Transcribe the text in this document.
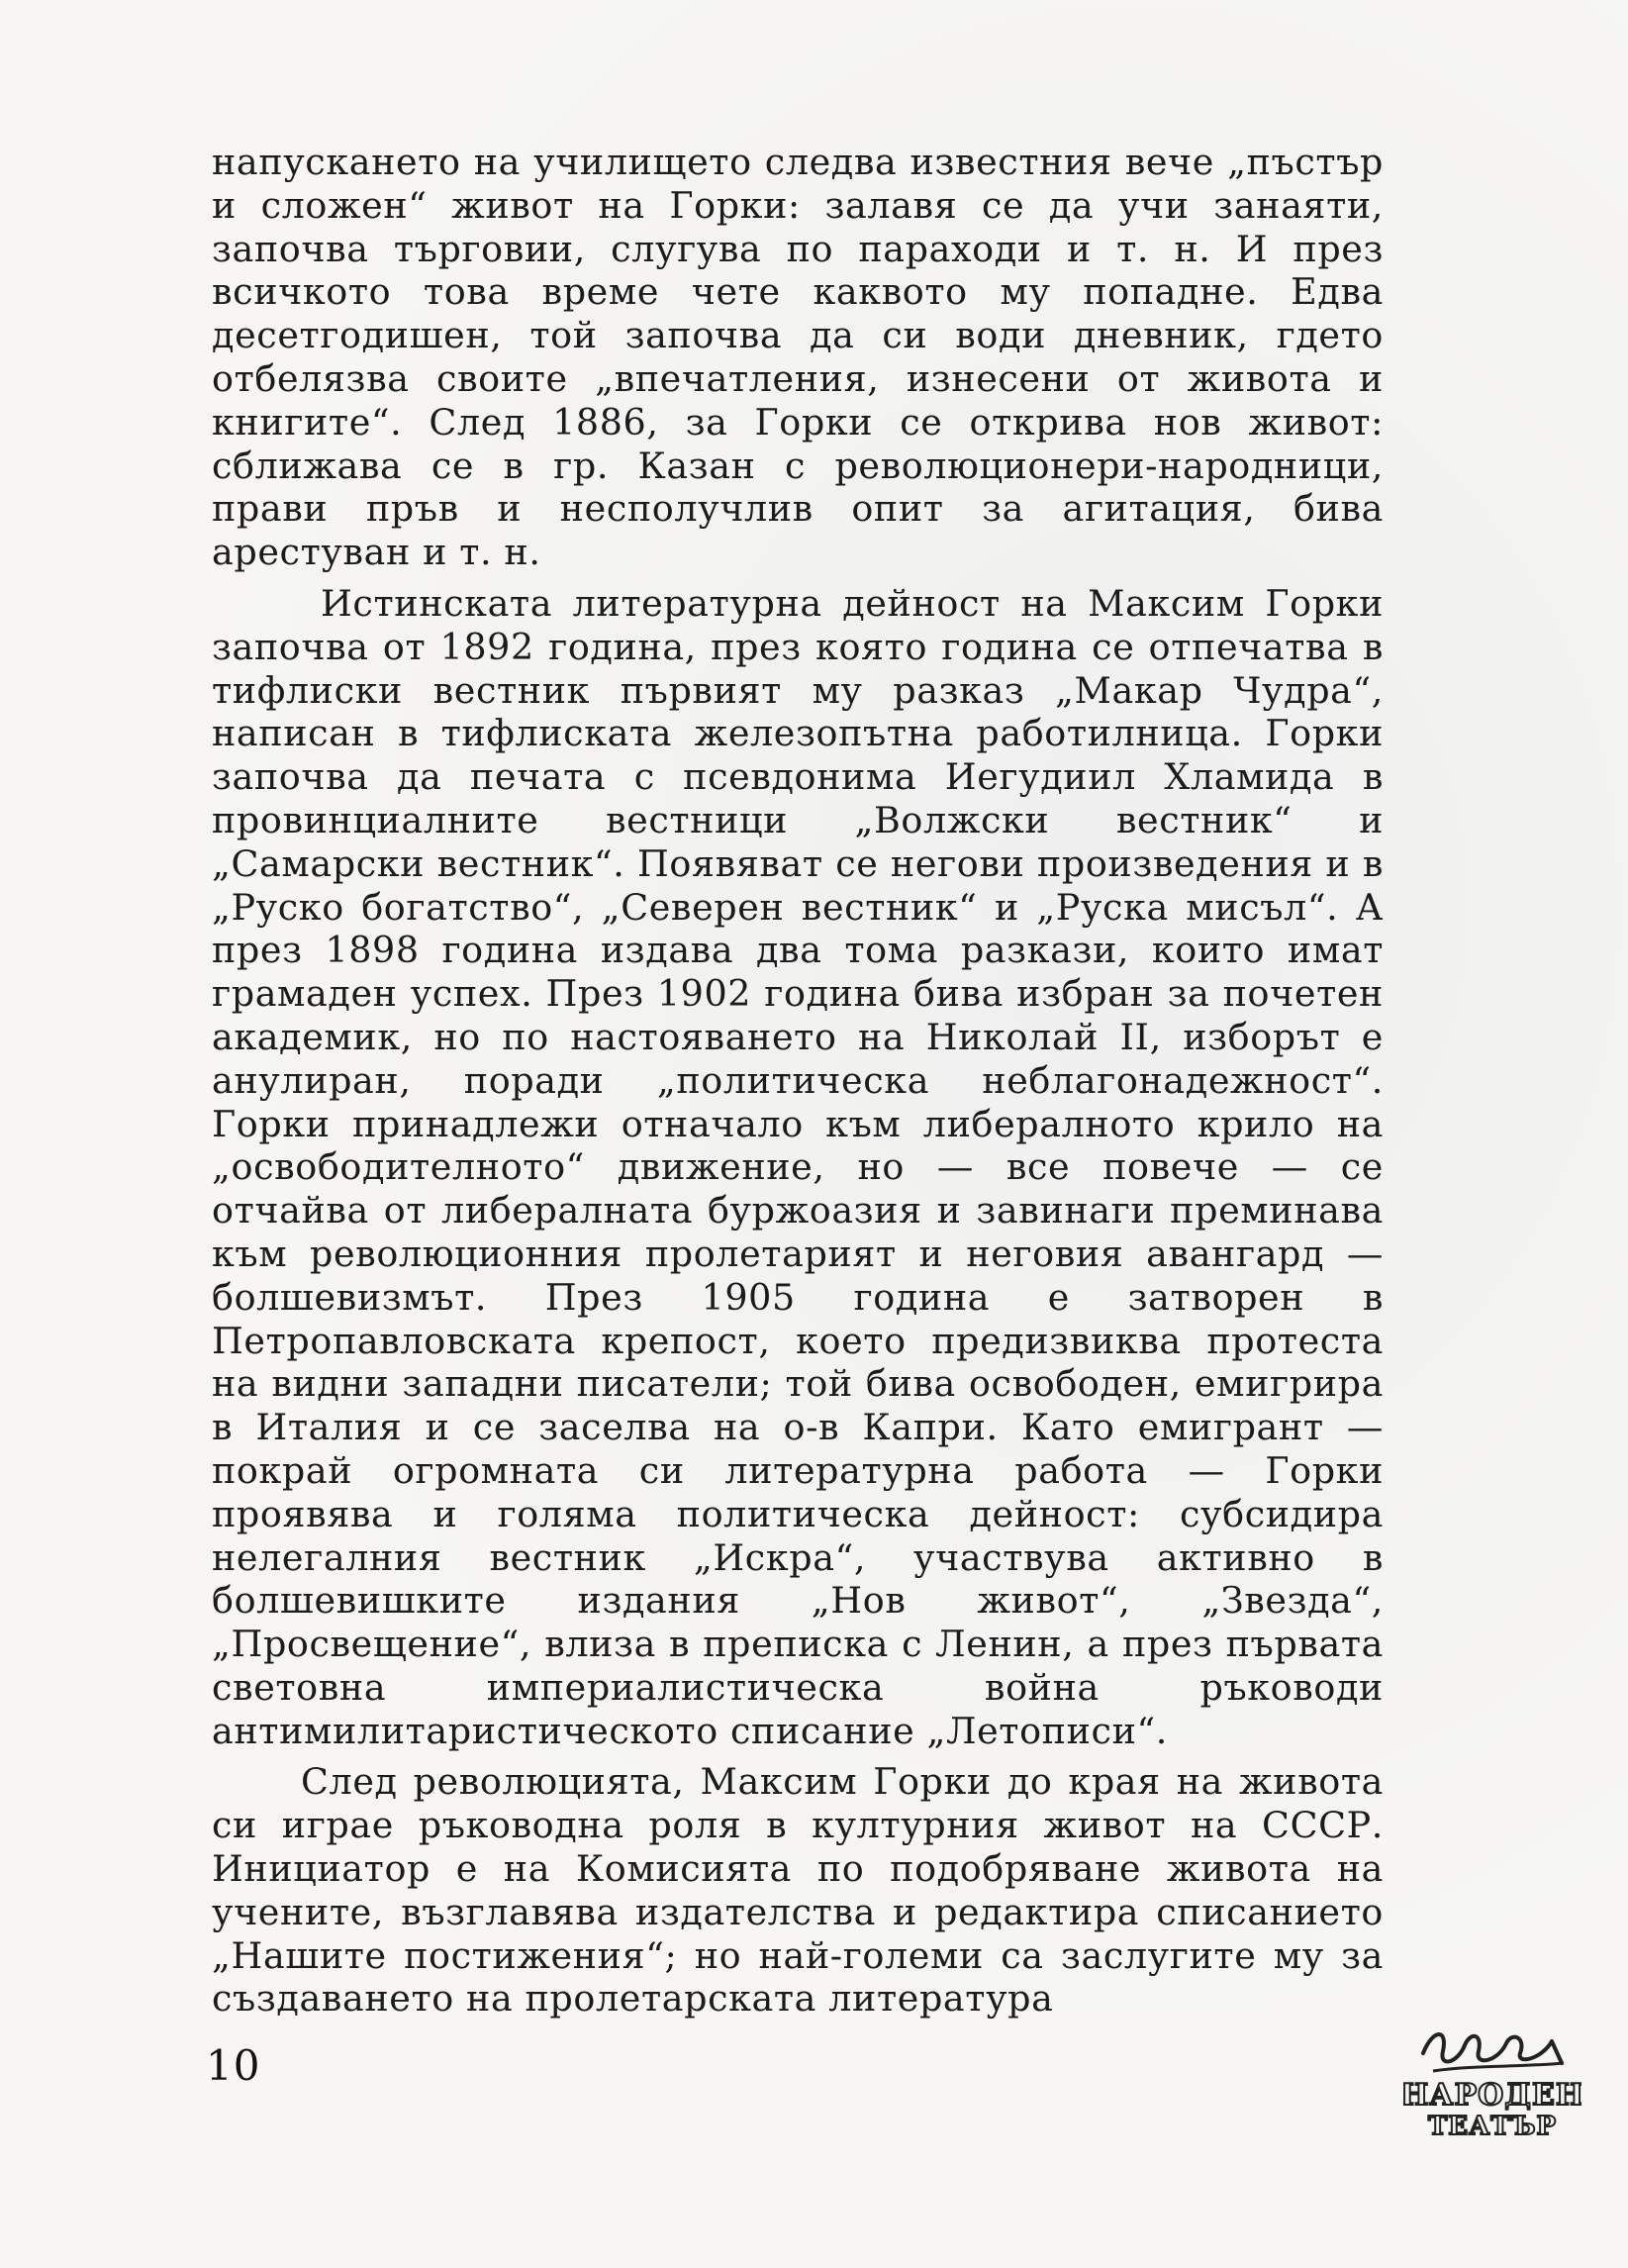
напускането на училището следва известния вече „пъстър и сложен“ живот на Горки: залавя се да учи занаяти, започва търговии, слугува по параходи и т. н. И през всичкото това време чете каквото му попадне. Едва десетгодишен, той започва да си води дневник, гдето отбелязва своите „впечатления, изнесени от живота и книгите“. След 1886, за Горки се открива нов живот: сближава се в гр. Казан с революционери-народници, прави пръв и несполучлив опит за агитация, бива арестуван и т. н.

Истинската литературна дейност на Максим Горки започва от 1892 година, през която година се отпечатва в тифлиски вестник първият му разказ „Макар Чудра“, написан в тифлиската железопътна работилница. Горки започва да печата с псевдонима Иегудиил Хламида в провинциалните вестници „Волжски вестник“ и „Самарски вестник“. Появяват се негови произведения и в „Руско богатство“, „Северен вестник“ и „Руска мисъл“. А през 1898 година издава два тома разкази, които имат грамаден успех. През 1902 година бива избран за почетен академик, но по настояването на Николай II, изборът е анулиран, поради „политическа неблагонадежност“. Горки принадлежи отначало към либералното крило на „освободителното“ движение, но — все повече — се отчайва от либералната буржоазия и завинаги преминава към революционния пролетарият и неговия авангард — болшевизмът. През 1905 година е затворен в Петропавловската крепост, което предизвиква протеста на видни западни писатели; той бива освободен, емигрира в Италия и се заселва на о-в Капри. Като емигрант — покрай огромната си литературна работа — Горки проявява и голяма политическа дейност: субсидира нелегалния вестник „Искра“, участвува активно в болшевишките издания „Нов живот“, „Звезда“, „Просвещение“, влиза в преписка с Ленин, а през първата световна империалистическа война ръководи антимилитаристическото списание „Летописи“.

След революцията, Максим Горки до края на живота си играе ръководна роля в културния живот на СССР. Инициатор е на Комисията по подобряване живота на учените, възглавява издателства и редактира списанието „Нашите постижения“; но най-големи са заслугите му за създаването на пролетарската литература

10
НАРОДЕН
ТЕАТЪР
